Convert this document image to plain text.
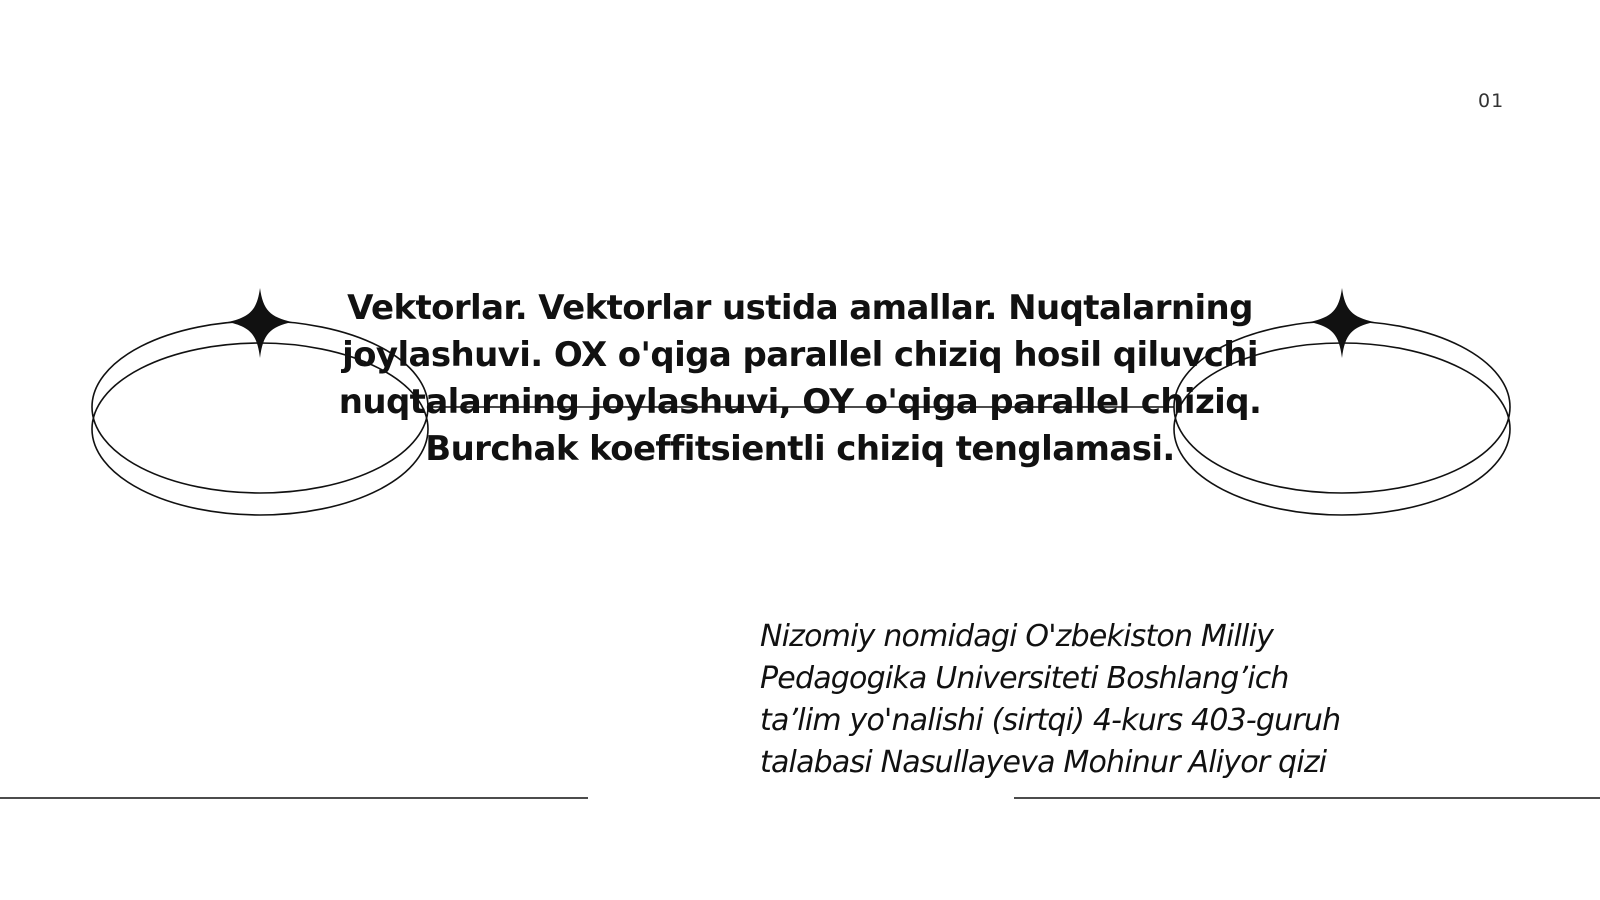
01
Vektorlar. Vektorlar ustida amallar. Nuqtalarning joylashuvi. OX o'qiga parallel chiziq hosil qiluvchi nuqtalarning joylashuvi, OY o'qiga parallel chiziq. Burchak koeffitsientli chiziq tenglamasi.

Nizomiy nomidagi O'zbekiston Milliy Pedagogika Universiteti Boshlang’ich ta’lim yo'nalishi (sirtqi) 4-kurs 403-guruh talabasi Nasullayeva Mohinur Aliyor qizi
